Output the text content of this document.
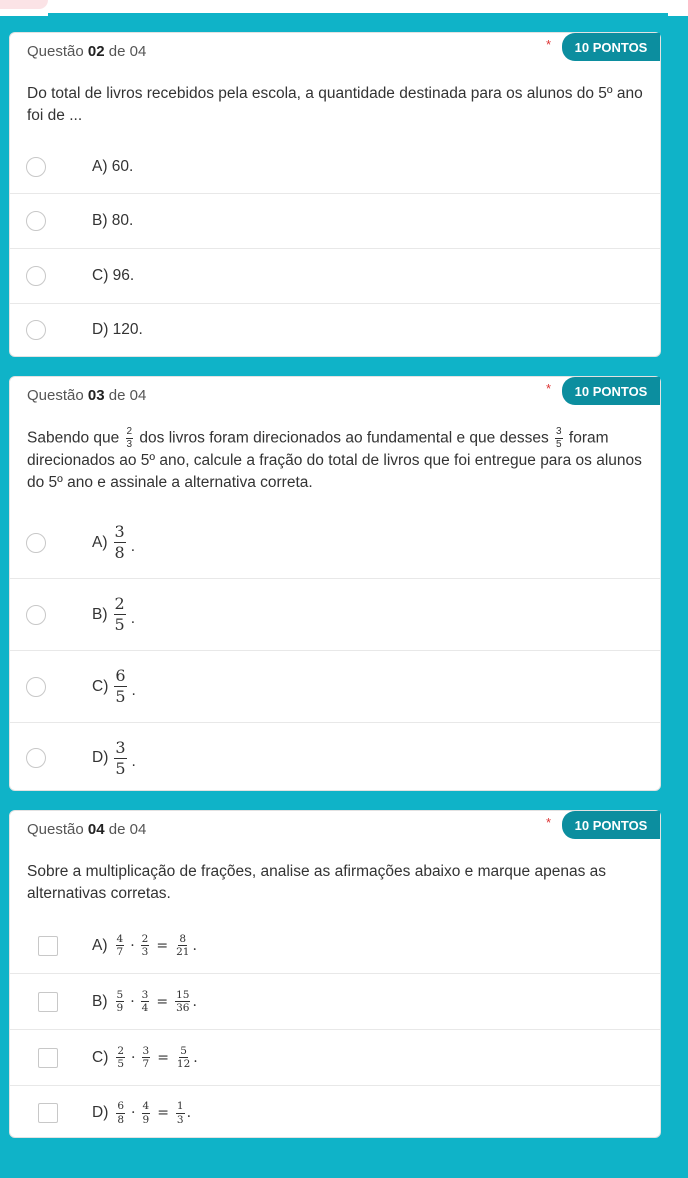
Questão 02 de 04	*	10 PONTOS
Do total de livros recebidos pela escola, a quantidade destinada para os alunos do 5º ano foi de ...
A) 60.
B) 80.
C) 96.
D) 120.
Questão 03 de 04	*	10 PONTOS
Sabendo que $\frac{2}{3}$ dos livros foram direcionados ao fundamental e que desses $\frac{3}{5}$ foram direcionados ao 5º ano, calcule a fração do total de livros que foi entregue para os alunos do 5º ano e assinale a alternativa correta.
$A) \frac{3}{8}$ .
$B) \frac{2}{5}$ .
$C) \frac{6}{5}$ .
$D) \frac{3}{5}$ .
Questão 04 de 04	*	10 PONTOS
Sobre a multiplicação de frações, analise as afirmações abaixo e marque apenas as alternativas corretas.
$A) \frac{4}{7} \cdot \frac{2}{3} = \frac{8}{21}$ .
$B) \frac{5}{9} \cdot \frac{3}{4} = \frac{15}{36}$ .
$C) \frac{2}{5} \cdot \frac{3}{7} = \frac{5}{12}$ .
$D) \frac{6}{8} \cdot \frac{4}{9} = \frac{1}{3}$ .
